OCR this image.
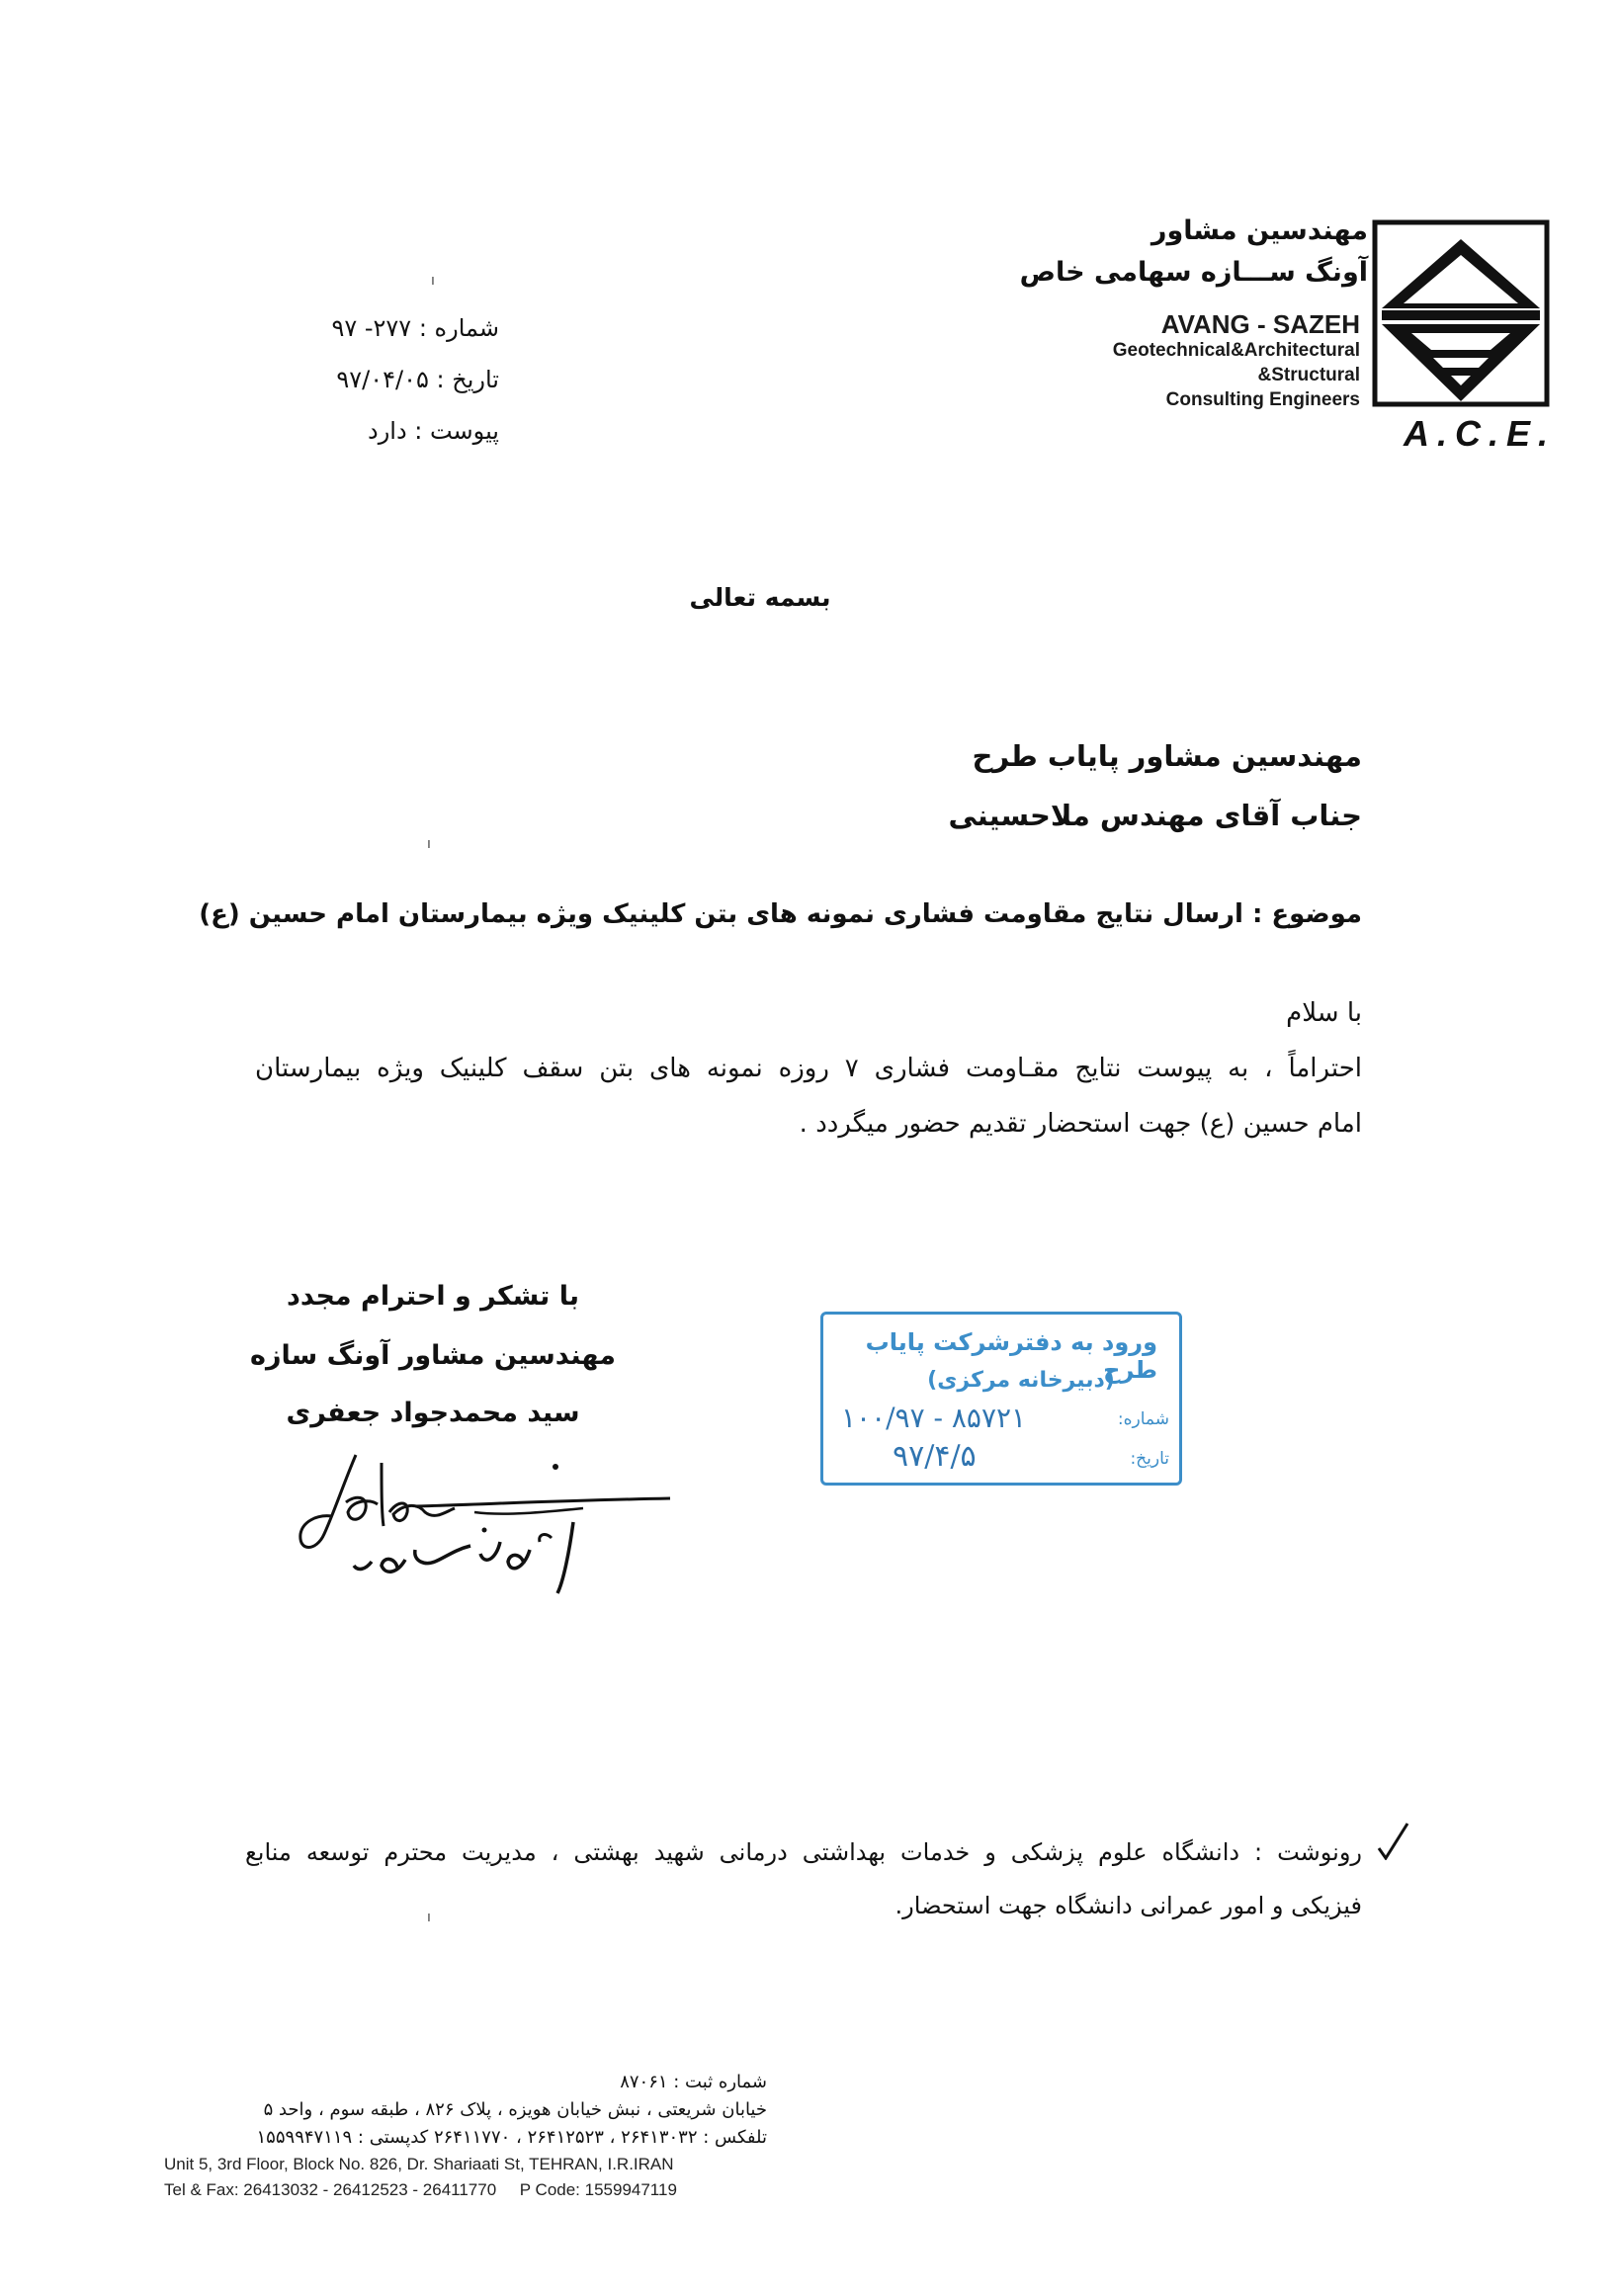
مهندسین مشاور
آونگ ســـازه سهامی خاص
AVANG - SAZEH
Geotechnical&Architectural
&Structural
Consulting Engineers
A.C.E.
شماره : ۲۷۷- ۹۷
تاریخ : ۹۷/۰۴/۰۵
پیوست : دارد
ı
ı
ı
بسمه تعالی
مهندسین مشاور پایاب طرح
جناب آقای مهندس ملاحسینی
موضوع : ارسال نتایج مقاومت فشاری نمونه های بتن کلینیک ویژه بیمارستان امام حسین (ع)
با سلام
احتراماً ، به پیوست نتایج مقـاومت فشاری ۷ روزه نمونه های بتن سقف کلینیک ویژه بیمارستان
امام حسین (ع) جهت استحضار تقدیم حضور میگردد .
با تشکر و احترام مجدد
مهندسین مشاور آونگ سازه
سید محمدجواد جعفری
ورود به دفترشرکت پایاب طرح
(دبیرخانه مرکزی)
شماره:
۱۰۰/۹۷ - ۸۵۷۲۱
تاریخ:
۹۷/۴/۵
رونوشت : دانشگاه علوم پزشکی و خدمات بهداشتی درمانی شهید بهشتی ، مدیریت محترم توسعه منابع
فیزیکی و امور عمرانی دانشگاه جهت استحضار.
شماره ثبت : ۸۷۰۶۱
خیابان شریعتی ، نبش خیابان هویزه ، پلاک ۸۲۶ ، طبقه سوم ، واحد ۵
تلفکس : ۲۶۴۱۳۰۳۲ ، ۲۶۴۱۲۵۲۳ ، ۲۶۴۱۱۷۷۰ کدپستی : ۱۵۵۹۹۴۷۱۱۹
Unit 5, 3rd Floor, Block No. 826, Dr. Shariaati St, TEHRAN, I.R.IRAN
Tel & Fax: 26413032 - 26412523 - 26411770     P Code: 1559947119
